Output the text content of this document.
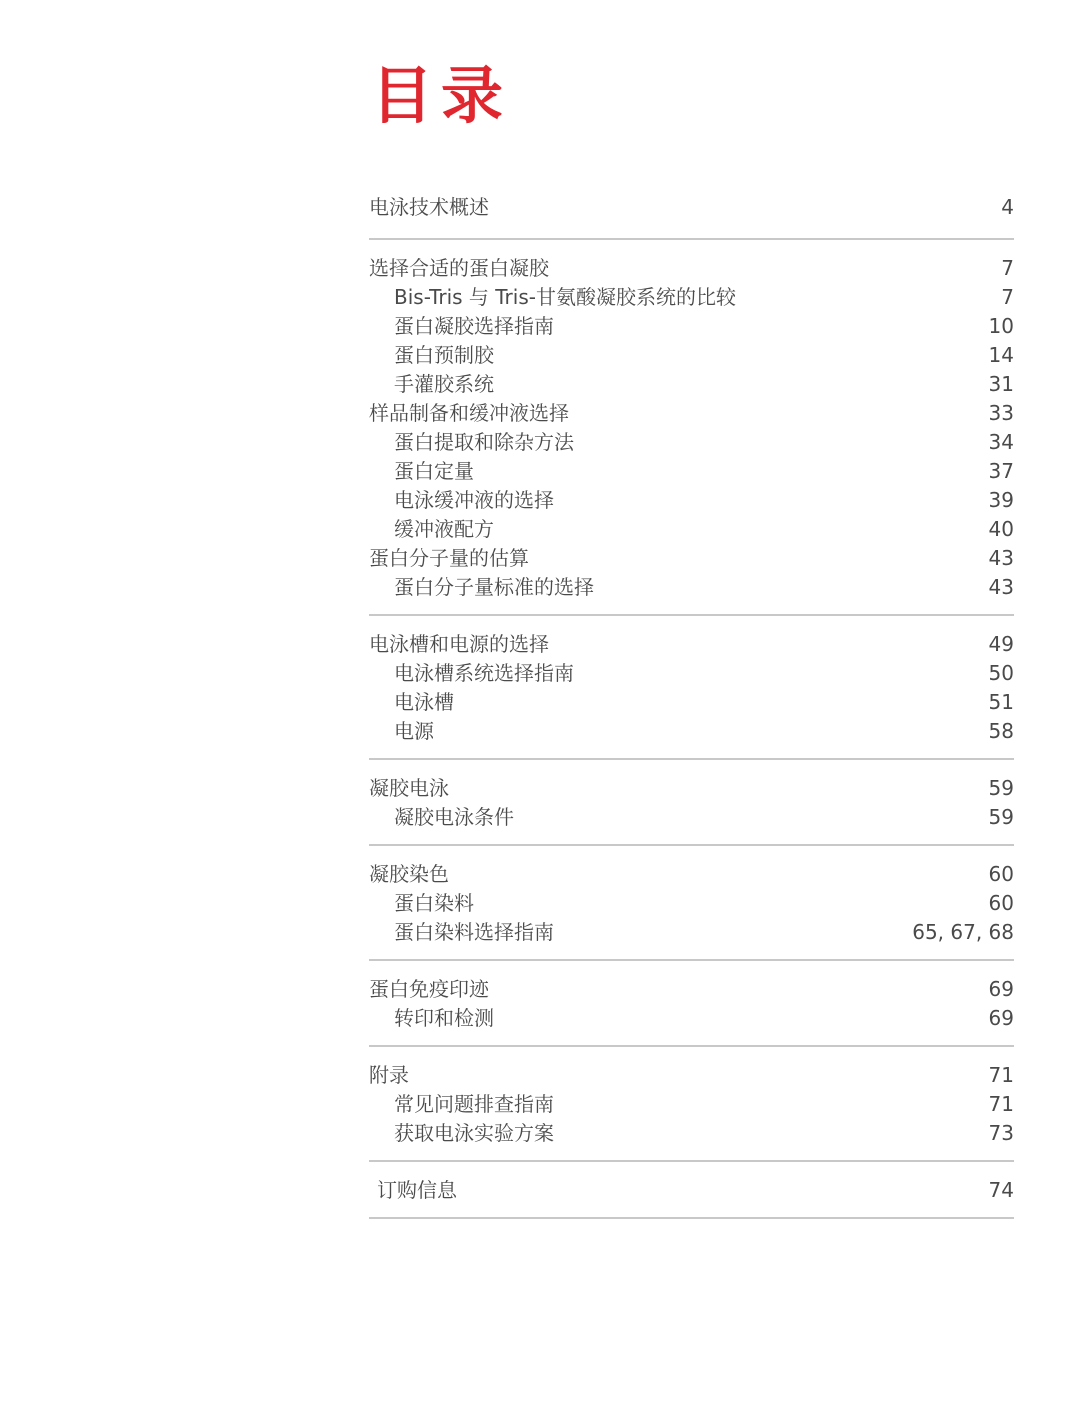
目录
电泳技术概述	4
选择合适的蛋白凝胶	7
Bis-Tris 与 Tris-甘氨酸凝胶系统的比较	7
蛋白凝胶选择指南	10
蛋白预制胶	14
手灌胶系统	31
样品制备和缓冲液选择	33
蛋白提取和除杂方法	34
蛋白定量	37
电泳缓冲液的选择	39
缓冲液配方	40
蛋白分子量的估算	43
蛋白分子量标准的选择	43
电泳槽和电源的选择	49
电泳槽系统选择指南	50
电泳槽	51
电源	58
凝胶电泳	59
凝胶电泳条件	59
凝胶染色	60
蛋白染料	60
蛋白染料选择指南	65, 67, 68
蛋白免疫印迹	69
转印和检测	69
附录	71
常见问题排查指南	71
获取电泳实验方案	73
订购信息	74
